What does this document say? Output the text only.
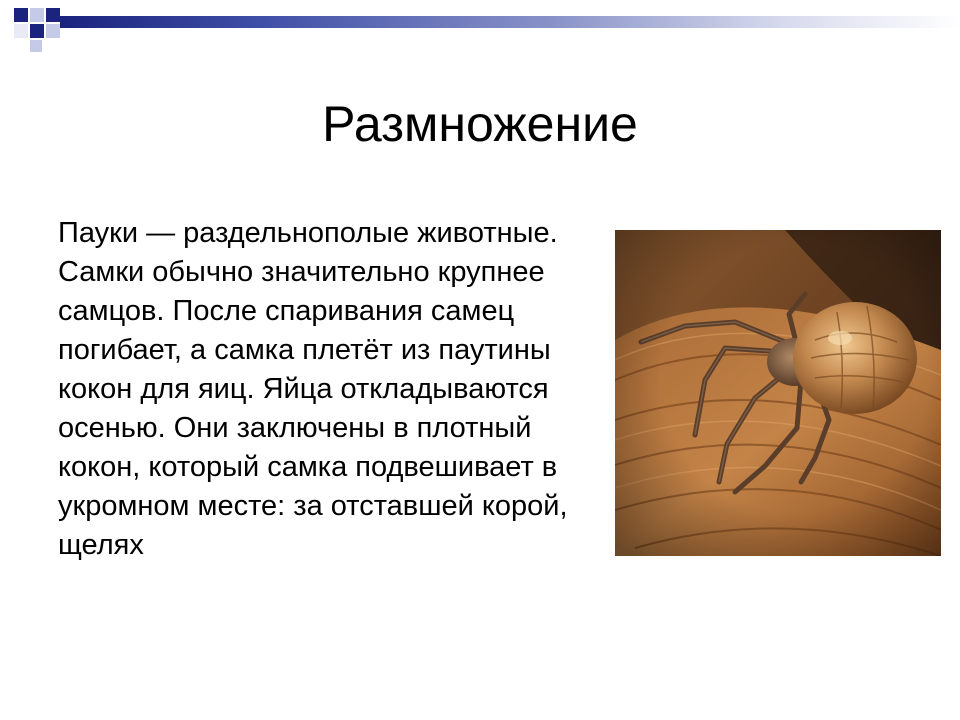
Размножение
Пауки — раздельнополые животные.
Самки обычно значительно крупнее
самцов. После спаривания самец
погибает, а самка плетёт из паутины
кокон для яиц. Яйца откладываются
осенью. Они заключены в плотный
кокон, который самка подвешивает в
укромном месте: за отставшей корой,
щелях
